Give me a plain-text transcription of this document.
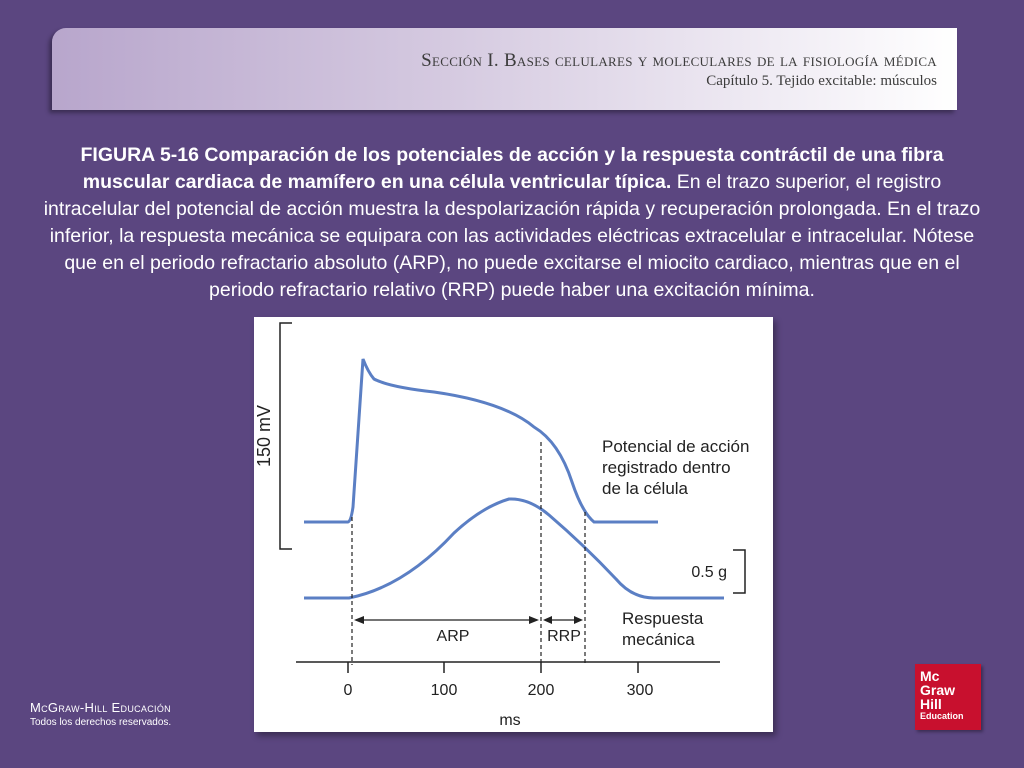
Sección I. Bases celulares y moleculares de la fisiología médica
Capítulo 5. Tejido excitable: músculos
FIGURA 5-16 Comparación de los potenciales de acción y la respuesta contráctil de una fibra muscular cardiaca de mamífero en una célula ventricular típica. En el trazo superior, el registro intracelular del potencial de acción muestra la despolarización rápida y recuperación prolongada. En el trazo inferior, la respuesta mecánica se equipara con las actividades eléctricas extracelular e intracelular. Nótese que en el periodo refractario absoluto (ARP), no puede excitarse el miocito cardiaco, mientras que en el periodo refractario relativo (RRP) puede haber una excitación mínima.
150 mV
0.5 g
ARP	RRP
Potencial de acción registrado dentro de la célula
Respuesta mecánica
0	100	200	300
ms
McGraw-Hill Educación
Todos los derechos reservados.
Mc
Graw
Hill
Education
